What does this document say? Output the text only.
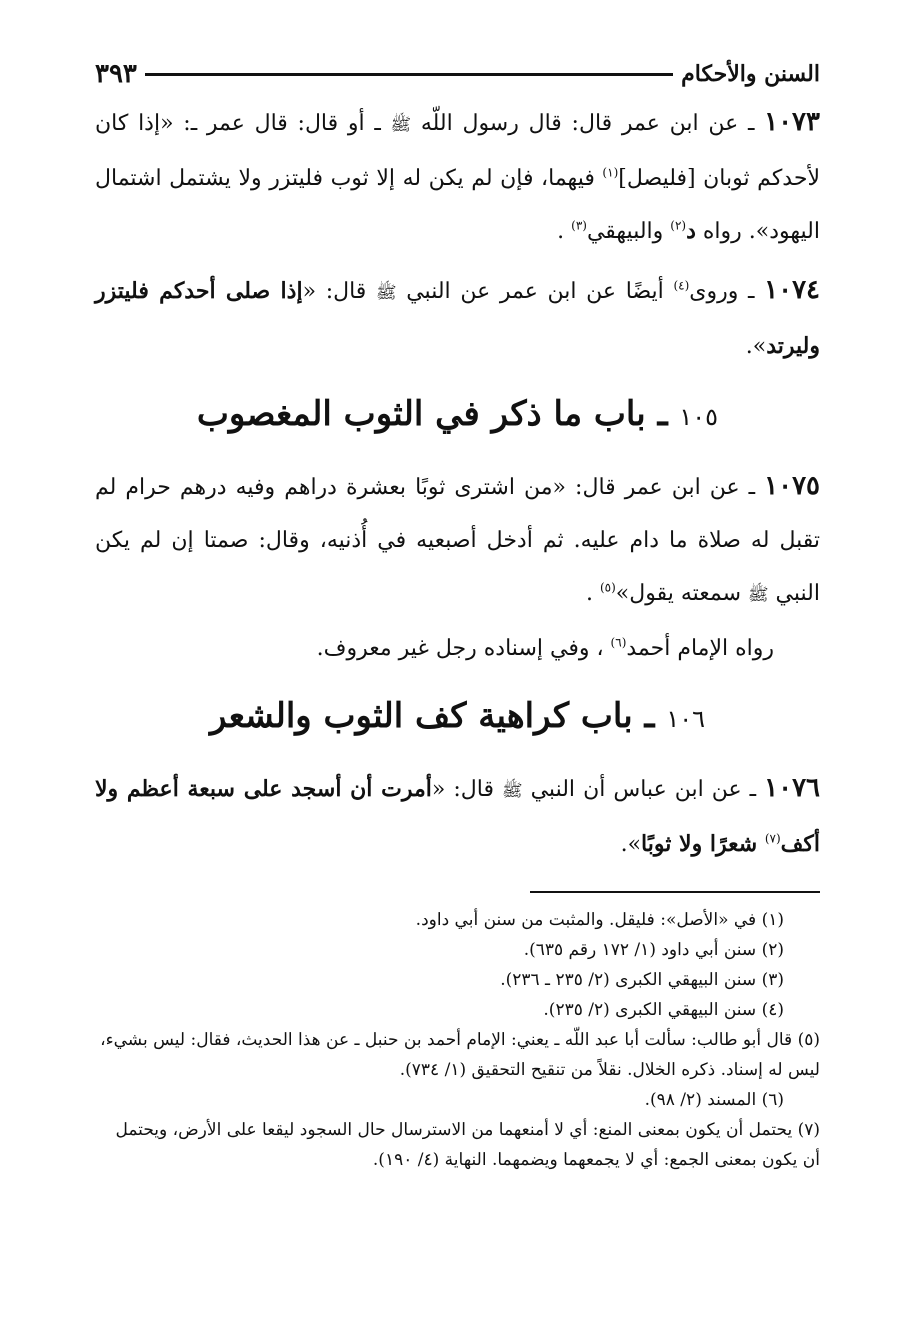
السنن والأحكام
٣٩٣

١٠٧٣ ـ عن ابن عمر قال: قال رسول اللّه ﷺ ـ أو قال: قال عمر ـ: «إذا كان لأحدكم ثوبان [فليصل]$^{(١)}$ فيهما، فإن لم يكن له إلا ثوب فليتزر ولا يشتمل اشتمال اليهود». رواه د$^{(٢)}$ والبيهقي$^{(٣)}$ .

١٠٧٤ ـ وروى$^{(٤)}$ أيضًا عن ابن عمر عن النبي ﷺ قال: «إذا صلى أحدكم فليتزر وليرتد».

١٠٥ ـ باب ما ذكر في الثوب المغصوب

١٠٧٥ ـ عن ابن عمر قال: «من اشترى ثوبًا بعشرة دراهم وفيه درهم حرام لم تقبل له صلاة ما دام عليه. ثم أدخل أصبعيه في أُذنيه، وقال: صمتا إن لم يكن النبي ﷺ سمعته يقول»$^{(٥)}$ .

رواه الإمام أحمد$^{(٦)}$ ، وفي إسناده رجل غير معروف.

١٠٦ ـ باب كراهية كف الثوب والشعر

١٠٧٦ ـ عن ابن عباس أن النبي ﷺ قال: «أمرت أن أسجد على سبعة أعظم ولا أكف$^{(٧)}$ شعرًا ولا ثوبًا».

(١) في «الأصل»: فليقل. والمثبت من سنن أبي داود.
(٢) سنن أبي داود (١/ ١٧٢ رقم ٦٣٥).
(٣) سنن البيهقي الكبرى (٢/ ٢٣٥ ـ ٢٣٦).
(٤) سنن البيهقي الكبرى (٢/ ٢٣٥).
(٥) قال أبو طالب: سألت أبا عبد اللّه ـ يعني: الإمام أحمد بن حنبل ـ عن هذا الحديث، فقال: ليس بشيء، ليس له إسناد. ذكره الخلال. نقلاً من تنقيح التحقيق (١/ ٧٣٤).
(٦) المسند (٢/ ٩٨).
(٧) يحتمل أن يكون بمعنى المنع: أي لا أمنعهما من الاسترسال حال السجود ليقعا على الأرض، ويحتمل أن يكون بمعنى الجمع: أي لا يجمعهما ويضمهما. النهاية (٤/ ١٩٠).
